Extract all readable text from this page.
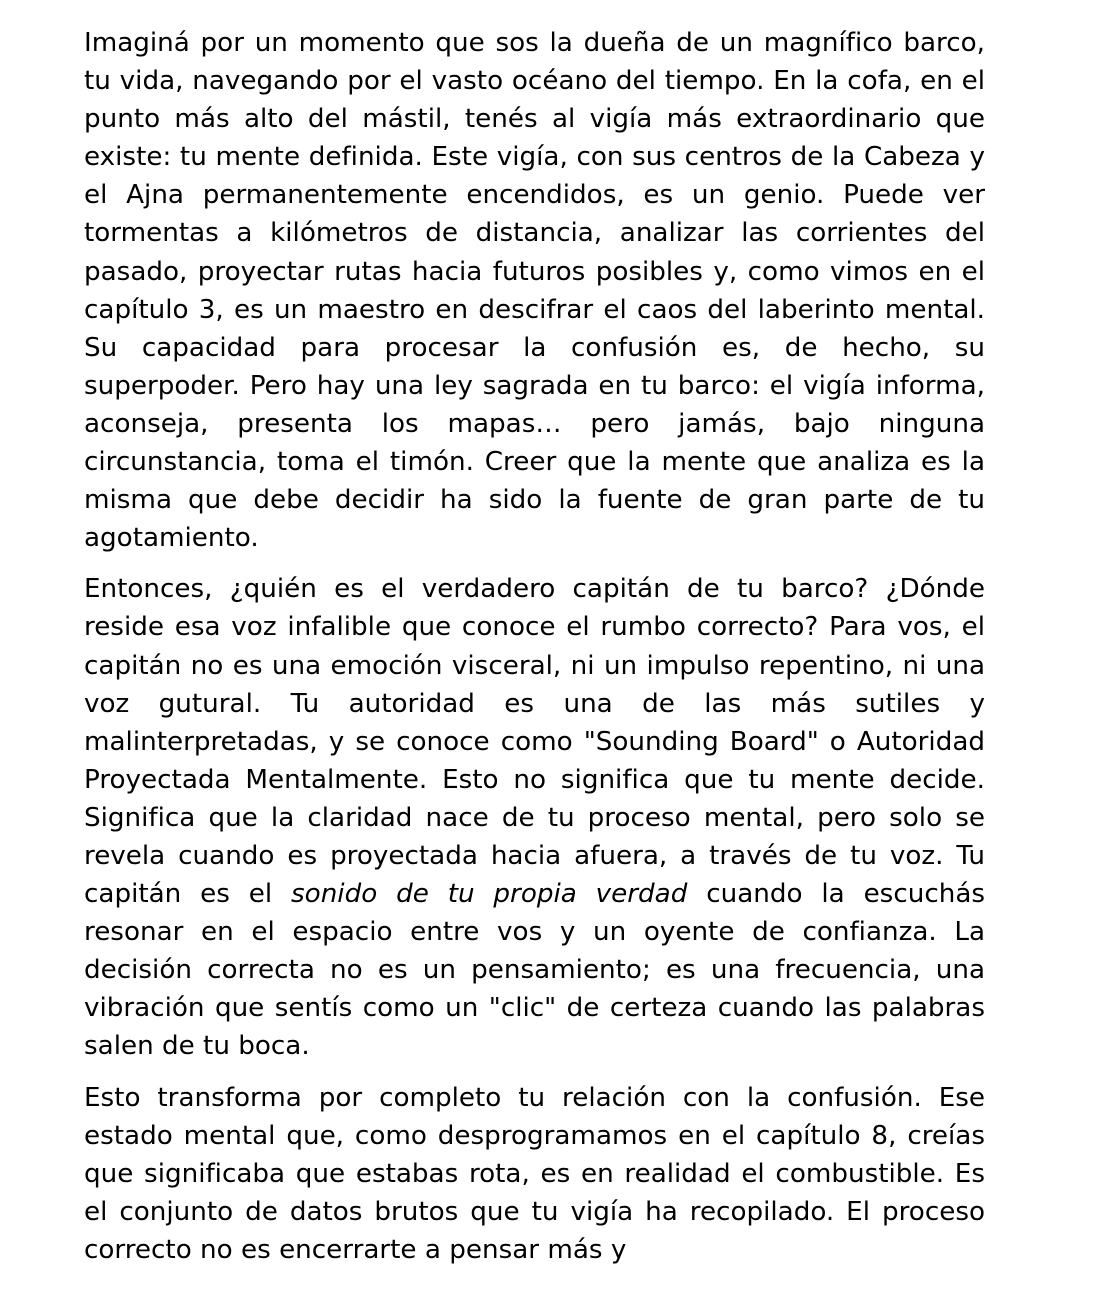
Imaginá por un momento que sos la dueña de un magnífico barco, tu vida, navegando por el vasto océano del tiempo. En la cofa, en el punto más alto del mástil, tenés al vigía más extraordinario que existe: tu mente definida. Este vigía, con sus centros de la Cabeza y el Ajna permanentemente encendidos, es un genio. Puede ver tormentas a kilómetros de distancia, analizar las corrientes del pasado, proyectar rutas hacia futuros posibles y, como vimos en el capítulo 3, es un maestro en descifrar el caos del laberinto mental. Su capacidad para procesar la confusión es, de hecho, su superpoder. Pero hay una ley sagrada en tu barco: el vigía informa, aconseja, presenta los mapas… pero jamás, bajo ninguna circunstancia, toma el timón. Creer que la mente que analiza es la misma que debe decidir ha sido la fuente de gran parte de tu agotamiento.

Entonces, ¿quién es el verdadero capitán de tu barco? ¿Dónde reside esa voz infalible que conoce el rumbo correcto? Para vos, el capitán no es una emoción visceral, ni un impulso repentino, ni una voz gutural. Tu autoridad es una de las más sutiles y malinterpretadas, y se conoce como "Sounding Board" o Autoridad Proyectada Mentalmente. Esto no significa que tu mente decide. Significa que la claridad nace de tu proceso mental, pero solo se revela cuando es proyectada hacia afuera, a través de tu voz. Tu capitán es el sonido de tu propia verdad cuando la escuchás resonar en el espacio entre vos y un oyente de confianza. La decisión correcta no es un pensamiento; es una frecuencia, una vibración que sentís como un "clic" de certeza cuando las palabras salen de tu boca.

Esto transforma por completo tu relación con la confusión. Ese estado mental que, como desprogramamos en el capítulo 8, creías que significaba que estabas rota, es en realidad el combustible. Es el conjunto de datos brutos que tu vigía ha recopilado. El proceso correcto no es encerrarte a pensar más y
